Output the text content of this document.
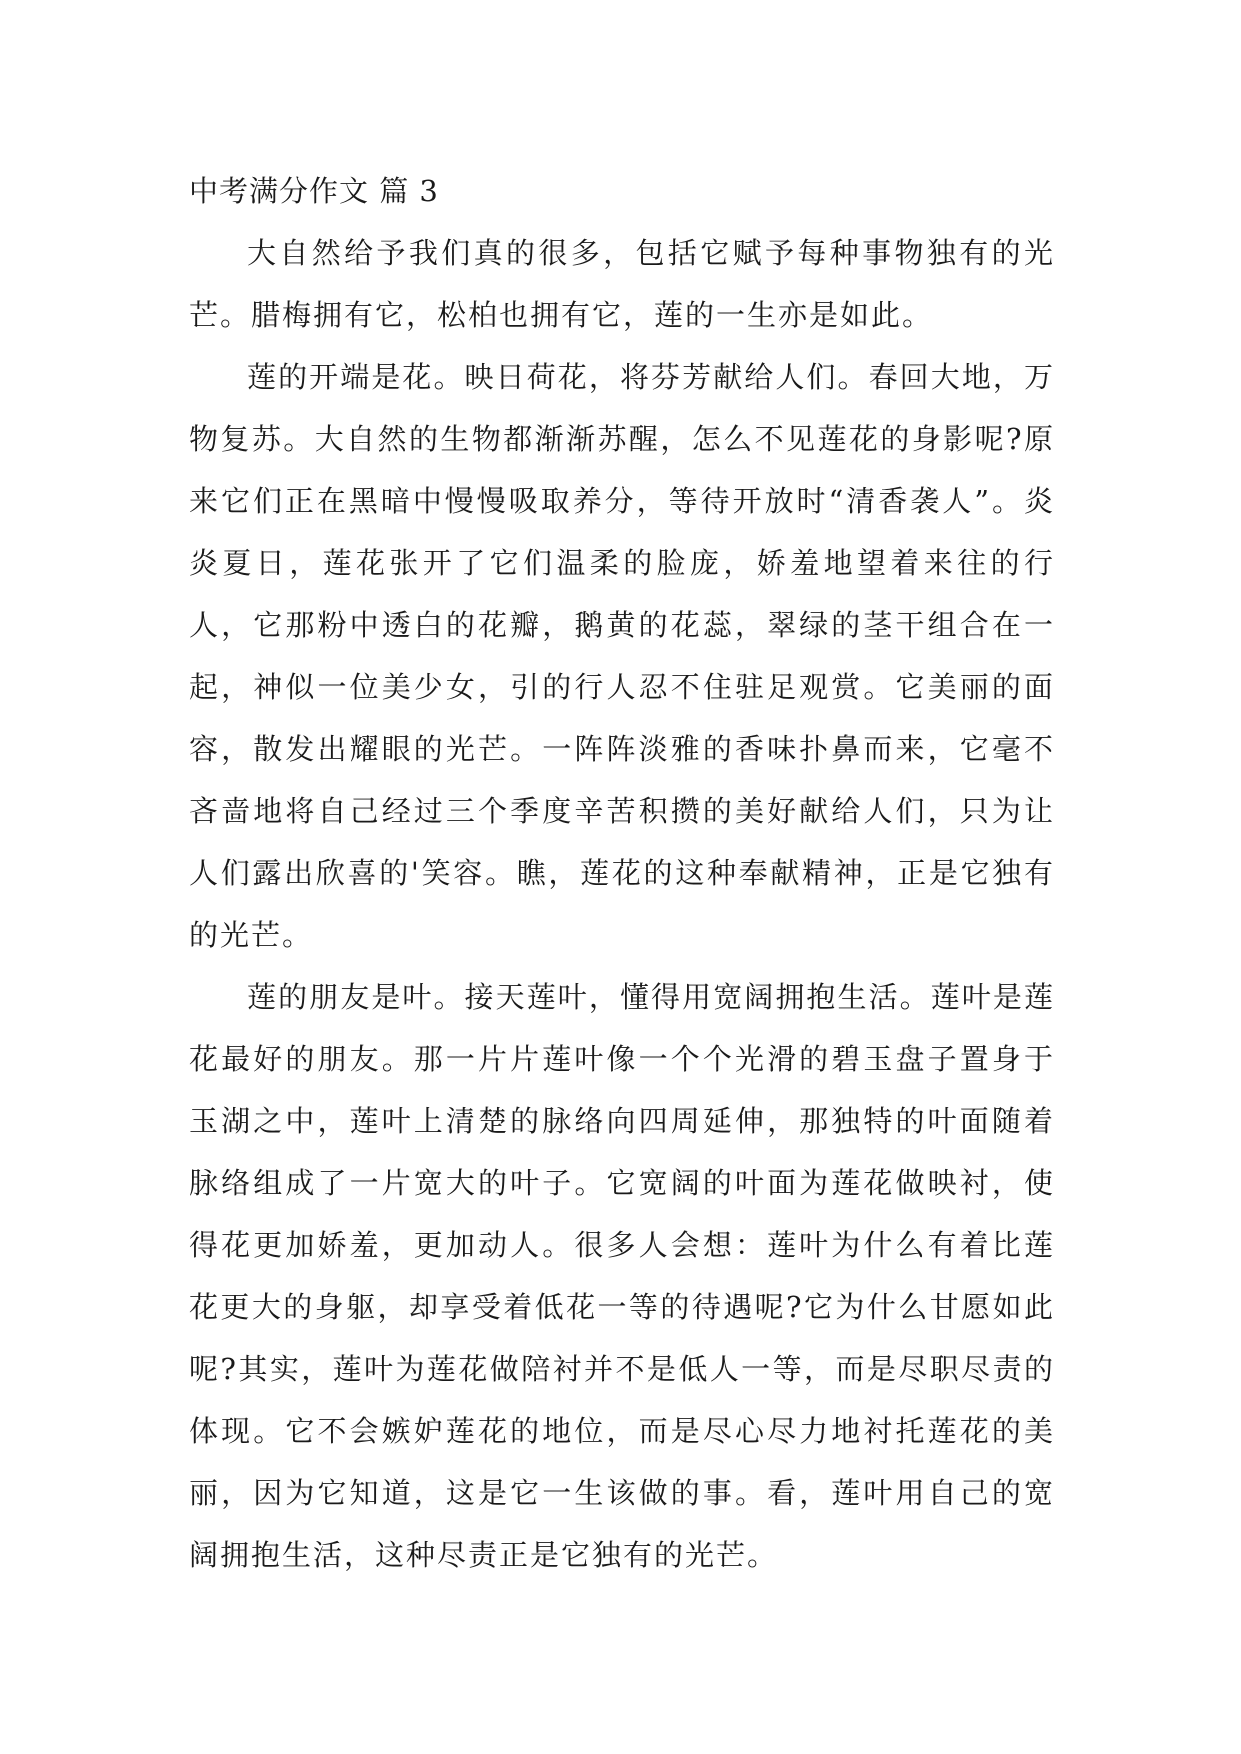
中考满分作文 篇 3

大自然给予我们真的很多，包括它赋予每种事物独有的光芒。腊梅拥有它，松柏也拥有它，莲的一生亦是如此。

莲的开端是花。映日荷花，将芬芳献给人们。春回大地，万物复苏。大自然的生物都渐渐苏醒，怎么不见莲花的身影呢?原来它们正在黑暗中慢慢吸取养分，等待开放时“清香袭人”。炎炎夏日，莲花张开了它们温柔的脸庞，娇羞地望着来往的行人，它那粉中透白的花瓣，鹅黄的花蕊，翠绿的茎干组合在一起，神似一位美少女，引的行人忍不住驻足观赏。它美丽的面容，散发出耀眼的光芒。一阵阵淡雅的香味扑鼻而来，它毫不吝啬地将自己经过三个季度辛苦积攒的美好献给人们，只为让人们露出欣喜的'笑容。瞧，莲花的这种奉献精神，正是它独有的光芒。

莲的朋友是叶。接天莲叶，懂得用宽阔拥抱生活。莲叶是莲花最好的朋友。那一片片莲叶像一个个光滑的碧玉盘子置身于玉湖之中，莲叶上清楚的脉络向四周延伸，那独特的叶面随着脉络组成了一片宽大的叶子。它宽阔的叶面为莲花做映衬，使得花更加娇羞，更加动人。很多人会想：莲叶为什么有着比莲花更大的身躯，却享受着低花一等的待遇呢?它为什么甘愿如此呢?其实，莲叶为莲花做陪衬并不是低人一等，而是尽职尽责的体现。它不会嫉妒莲花的地位，而是尽心尽力地衬托莲花的美丽，因为它知道，这是它一生该做的事。看，莲叶用自己的宽阔拥抱生活，这种尽责正是它独有的光芒。
